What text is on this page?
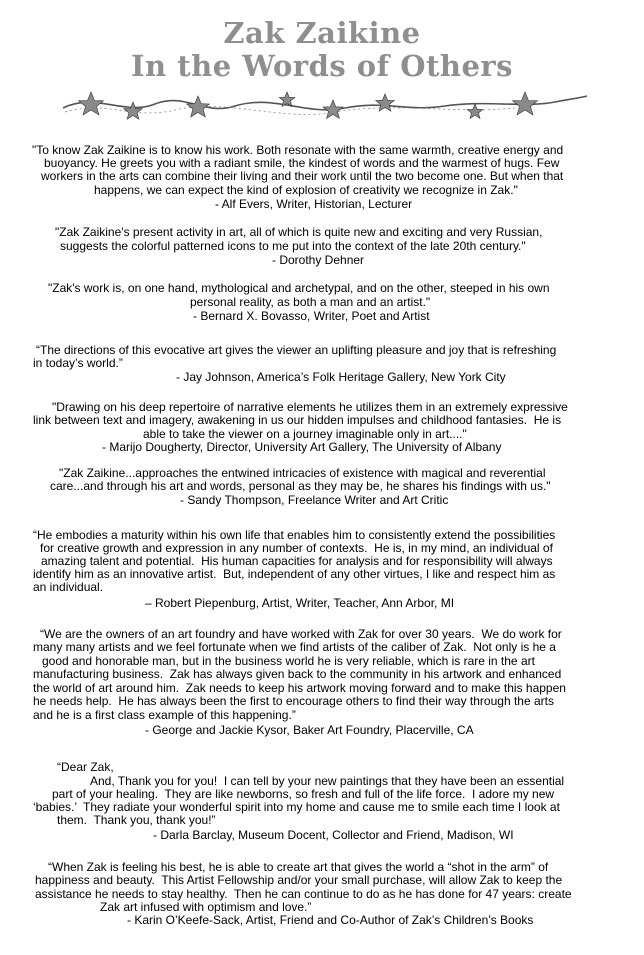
Zak Zaikine
In the Words of Others
"To know Zak Zaikine is to know his work. Both resonate with the same warmth, creative energy and
buoyancy. He greets you with a radiant smile, the kindest of words and the warmest of hugs. Few
workers in the arts can combine their living and their work until the two become one. But when that
happens, we can expect the kind of explosion of creativity we recognize in Zak."
- Alf Evers, Writer, Historian, Lecturer
"Zak Zaikine's present activity in art, all of which is quite new and exciting and very Russian,
suggests the colorful patterned icons to me put into the context of the late 20th century."
- Dorothy Dehner
"Zak's work is, on one hand, mythological and archetypal, and on the other, steeped in his own
personal reality, as both a man and an artist."
- Bernard X. Bovasso, Writer, Poet and Artist
“The directions of this evocative art gives the viewer an uplifting pleasure and joy that is refreshing
in today’s world.”
- Jay Johnson, America’s Folk Heritage Gallery, New York City
"Drawing on his deep repertoire of narrative elements he utilizes them in an extremely expressive
link between text and imagery, awakening in us our hidden impulses and childhood fantasies.  He is
able to take the viewer on a journey imaginable only in art...."
- Marijo Dougherty, Director, University Art Gallery, The University of Albany
"Zak Zaikine...approaches the entwined intricacies of existence with magical and reverential
care...and through his art and words, personal as they may be, he shares his findings with us."
- Sandy Thompson, Freelance Writer and Art Critic
“He embodies a maturity within his own life that enables him to consistently extend the possibilities
for creative growth and expression in any number of contexts.  He is, in my mind, an individual of
amazing talent and potential.  His human capacities for analysis and for responsibility will always
identify him as an innovative artist.  But, independent of any other virtues, I like and respect him as
an individual.
– Robert Piepenburg, Artist, Writer, Teacher, Ann Arbor, MI
“We are the owners of an art foundry and have worked with Zak for over 30 years.  We do work for
many many artists and we feel fortunate when we find artists of the caliber of Zak.  Not only is he a
good and honorable man, but in the business world he is very reliable, which is rare in the art
manufacturing business.  Zak has always given back to the community in his artwork and enhanced
the world of art around him.  Zak needs to keep his artwork moving forward and to make this happen
he needs help.  He has always been the first to encourage others to find their way through the arts
and he is a first class example of this happening.”
- George and Jackie Kysor, Baker Art Foundry, Placerville, CA
“Dear Zak,
And, Thank you for you!  I can tell by your new paintings that they have been an essential
part of your healing.  They are like newborns, so fresh and full of the life force.  I adore my new
‘babies.’  They radiate your wonderful spirit into my home and cause me to smile each time I look at
them.  Thank you, thank you!”
- Darla Barclay, Museum Docent, Collector and Friend, Madison, WI
“When Zak is feeling his best, he is able to create art that gives the world a “shot in the arm” of
happiness and beauty.  This Artist Fellowship and/or your small purchase, will allow Zak to keep the
assistance he needs to stay healthy.  Then he can continue to do as he has done for 47 years: create
Zak art infused with optimism and love.”
- Karin O’Keefe-Sack, Artist, Friend and Co-Author of Zak’s Children’s Books
